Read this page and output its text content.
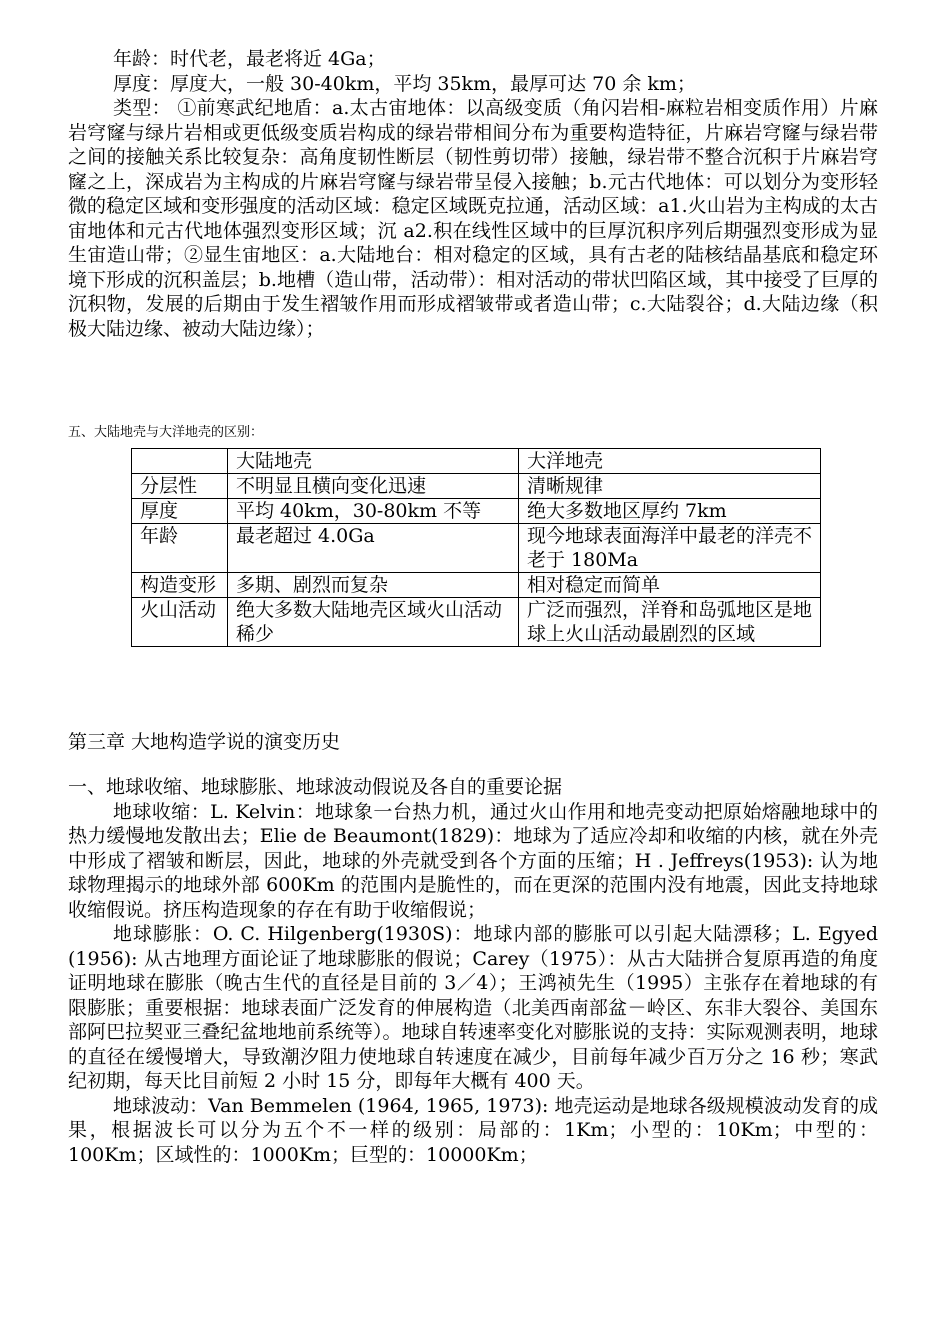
年龄：时代老，最老将近 4Ga；

厚度：厚度大，一般 30-40km，平均 35km，最厚可达 70 余 km；

类型： ①前寒武纪地盾：a.太古宙地体：以高级变质（角闪岩相-麻粒岩相变质作用）片麻岩穹窿与绿片岩相或更低级变质岩构成的绿岩带相间分布为重要构造特征，片麻岩穹窿与绿岩带之间的接触关系比较复杂：高角度韧性断层（韧性剪切带）接触，绿岩带不整合沉积于片麻岩穹窿之上，深成岩为主构成的片麻岩穹窿与绿岩带呈侵入接触；b.元古代地体：可以划分为变形轻微的稳定区域和变形强度的活动区域：稳定区域既克拉通，活动区域：a1.火山岩为主构成的太古宙地体和元古代地体强烈变形区域；沉 a2.积在线性区域中的巨厚沉积序列后期强烈变形成为显生宙造山带；②显生宙地区：a.大陆地台：相对稳定的区域，具有古老的陆核结晶基底和稳定环境下形成的沉积盖层；b.地槽（造山带，活动带）：相对活动的带状凹陷区域，其中接受了巨厚的沉积物，发展的后期由于发生褶皱作用而形成褶皱带或者造山带；c.大陆裂谷；d.大陆边缘（积极大陆边缘、被动大陆边缘）；

五、大陆地壳与大洋地壳的区别：
	大陆地壳	大洋地壳
分层性	不明显且横向变化迅速	清晰规律
厚度	平均 40km，30-80km 不等	绝大多数地区厚约 7km
年龄	最老超过 4.0Ga	现今地球表面海洋中最老的洋壳不老于 180Ma
构造变形	多期、剧烈而复杂	相对稳定而简单
火山活动	绝大多数大陆地壳区域火山活动稀少	广泛而强烈，洋脊和岛弧地区是地球上火山活动最剧烈的区域
第三章 大地构造学说的演变历史

一、地球收缩、地球膨胀、地球波动假说及各自的重要论据

地球收缩：L. Kelvin：地球象一台热力机，通过火山作用和地壳变动把原始熔融地球中的热力缓慢地发散出去；Elie de Beaumont(1829)：地球为了适应冷却和收缩的内核，就在外壳中形成了褶皱和断层，因此，地球的外壳就受到各个方面的压缩；H . Jeffreys(1953): 认为地球物理揭示的地球外部 600Km 的范围内是脆性的，而在更深的范围内没有地震，因此支持地球收缩假说。挤压构造现象的存在有助于收缩假说；

地球膨胀：O. C. Hilgenberg(1930S)：地球内部的膨胀可以引起大陆漂移；L. Egyed (1956): 从古地理方面论证了地球膨胀的假说；Carey（1975）：从古大陆拼合复原再造的角度证明地球在膨胀（晚古生代的直径是目前的 3／4）；王鸿祯先生（1995）主张存在着地球的有限膨胀；重要根据：地球表面广泛发育的伸展构造（北美西南部盆－岭区、东非大裂谷、美国东部阿巴拉契亚三叠纪盆地地前系统等）。地球自转速率变化对膨胀说的支持：实际观测表明，地球的直径在缓慢增大，导致潮汐阻力使地球自转速度在减少，目前每年减少百万分之 16 秒；寒武纪初期，每天比目前短 2 小时 15 分，即每年大概有 400 天。

地球波动：Van Bemmelen (1964, 1965, 1973): 地壳运动是地球各级规模波动发育的成果，根据波长可以分为五个不一样的级别：局部的：1Km；小型的：10Km；中型的：100Km；区域性的：1000Km；巨型的：10000Km；
